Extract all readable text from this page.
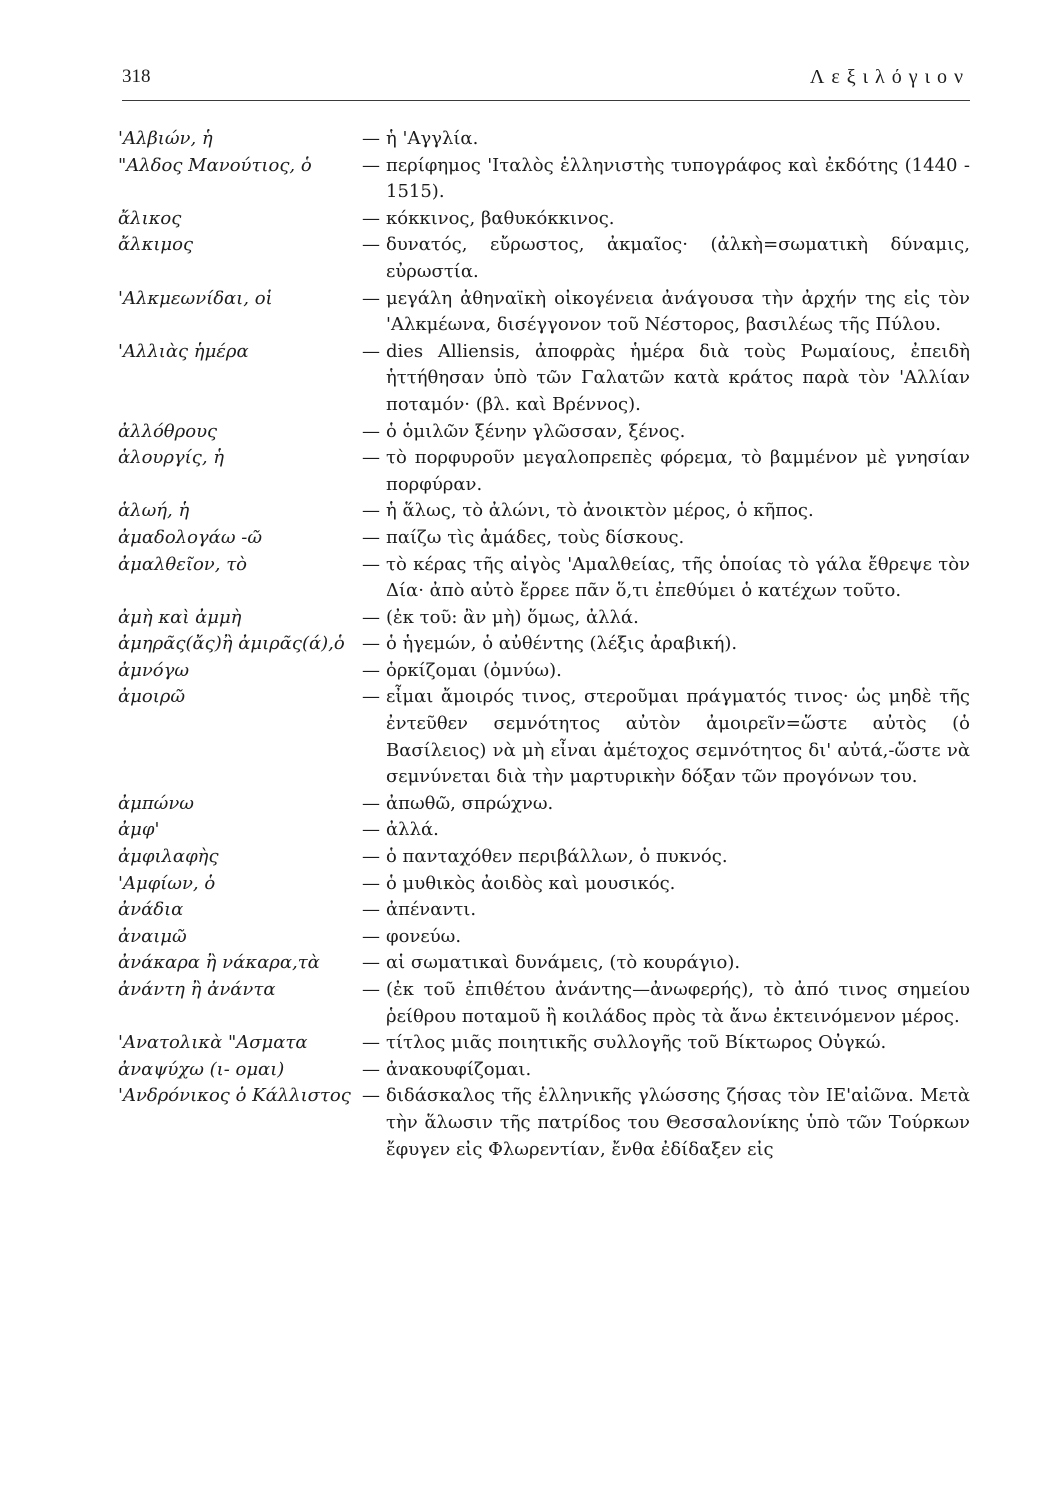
318	Λεξιλόγιον
'Αλβιών, ἡ —	ἡ 'Αγγλία.
"Αλδος Μανούτιος, ὁ —	περίφημος 'Ιταλὸς ἑλληνιστὴς τυπογράφος καὶ ἐκδότης (1440 - 1515).
ἄλικος —	κόκκινος, βαθυκόκκινος.
ἄλκιμος —	δυνατός, εὔρωστος, ἀκμαῖος· (ἀλκὴ=σωματικὴ δύναμις, εὐρωστία.
'Αλκμεωνίδαι, οἱ —	μεγάλη ἀθηναϊκὴ οἰκογένεια ἀνάγουσα τὴν ἀρχήν της εἰς τὸν 'Αλκμέωνα, δισέγγονον τοῦ Νέστορος, βασιλέως τῆς Πύλου.
'Αλλιὰς ἡμέρα —	dies Alliensis, ἀποφρὰς ἡμέρα διὰ τοὺς Ρωμαίους, ἐπειδὴ ἡττήθησαν ὑπὸ τῶν Γαλατῶν κατὰ κράτος παρὰ τὸν 'Αλλίαν ποταμόν· (βλ. καὶ Βρέννος).
ἀλλόθρους —	ὁ ὁμιλῶν ξένην γλῶσσαν, ξένος.
ἁλουργίς, ἡ —	τὸ πορφυροῦν μεγαλοπρεπὲς φόρεμα, τὸ βαμμένον μὲ γνησίαν πορφύραν.
ἁλωή, ἡ —	ἡ ἅλως, τὸ ἀλώνι, τὸ ἀνοικτὸν μέρος, ὁ κῆπος.
ἀμαδολογάω -ῶ —	παίζω τὶς ἀμάδες, τοὺς δίσκους.
ἀμαλθεῖον, τὸ —	τὸ κέρας τῆς αἰγὸς 'Αμαλθείας, τῆς ὁποίας τὸ γάλα ἔθρεψε τὸν Δία· ἀπὸ αὐτὸ ἔρρεε πᾶν ὅ,τι ἐπεθύμει ὁ κατέχων τοῦτο.
ἀμὴ καὶ ἀμμὴ —	(ἐκ τοῦ: ἂν μὴ) ὅμως, ἀλλά.
ἀμηρᾶς(ἄς)ἢ ἀμιρᾶς(ά),ὁ —	ὁ ἡγεμών, ὁ αὐθέντης (λέξις ἀραβική).
ἀμνόγω —	ὁρκίζομαι (ὀμνύω).
ἀμοιρῶ —	εἶμαι ἄμοιρός τινος, στεροῦμαι πράγματός τινος· ὡς μηδὲ τῆς ἐντεῦθεν σεμνότητος αὐτὸν ἀμοιρεῖν=ὥστε αὐτὸς (ὁ Βασίλειος) νὰ μὴ εἶναι ἀμέτοχος σεμνότητος δι' αὐτά,-ὥστε νὰ σεμνύνεται διὰ τὴν μαρτυρικὴν δόξαν τῶν προγόνων του.
ἀμπώνω —	ἀπωθῶ, σπρώχνω.
ἀμφ' —	ἀλλά.
ἀμφιλαφὴς —	ὁ πανταχόθεν περιβάλλων, ὁ πυκνός.
'Αμφίων, ὁ —	ὁ μυθικὸς ἀοιδὸς καὶ μουσικός.
ἀνάδια —	ἀπέναντι.
ἀναιμῶ —	φονεύω.
ἀνάκαρα ἢ νάκαρα,τὰ —	αἱ σωματικαὶ δυνάμεις, (τὸ κουράγιο).
ἀνάντη ἢ ἀνάντα —	(ἐκ τοῦ ἐπιθέτου ἀνάντης—ἀνωφερής), τὸ ἀπό τινος σημείου ῥείθρου ποταμοῦ ἢ κοιλάδος πρὸς τὰ ἄνω ἐκτεινόμενον μέρος.
'Ανατολικὰ "Ασματα —	τίτλος μιᾶς ποιητικῆς συλλογῆς τοῦ Βίκτωρος Οὐγκώ.
ἀναψύχω (ι- ομαι) —	ἀνακουφίζομαι.
'Ανδρόνικος ὁ Κάλλιστος —	διδάσκαλος τῆς ἑλληνικῆς γλώσσης ζήσας τὸν ΙΕ'αἰῶνα. Μετὰ τὴν ἅλωσιν τῆς πατρίδος του Θεσσαλονίκης ὑπὸ τῶν Τούρκων ἔφυγεν εἰς Φλωρεντίαν, ἔνθα ἐδίδαξεν εἰς
